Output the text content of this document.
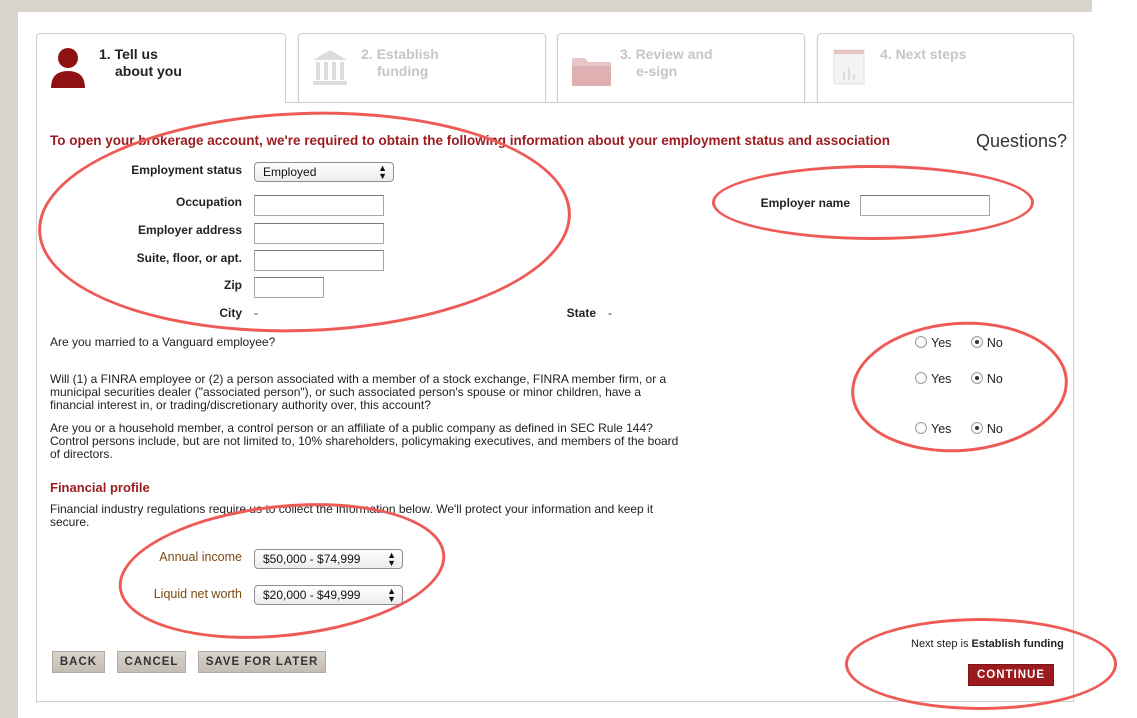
1. Tell us
about you
2. Establish
funding
3. Review and
e-sign
4. Next steps
To open your brokerage account, we're required to obtain the following information about your employment status and association	Questions?
Employment status	Employed	▲
▼
Occupation
Employer address
Suite, floor, or apt.
Zip
City -	State -
Employer name
Are you married to a Vanguard employee?	Yes	No
Will (1) a FINRA employee or (2) a person associated with a member of a stock exchange, FINRA member firm, or a municipal securities dealer ("associated person"), or such associated person's spouse or minor children, have a financial interest in, or trading/discretionary authority over, this account?
Yes	No
Are you or a household member, a control person or an affiliate of a public company as defined in SEC Rule 144? Control persons include, but are not limited to, 10% shareholders, policymaking executives, and members of the board of directors.
Yes	No
Financial profile
Financial industry regulations require us to collect the information below. We'll protect your information and keep it secure.
Annual income	$50,000 - $74,999	▲
▼
Liquid net worth	$20,000 - $49,999	▲
▼
BACK	CANCEL	SAVE FOR LATER
Next step is Establish funding
CONTINUE
